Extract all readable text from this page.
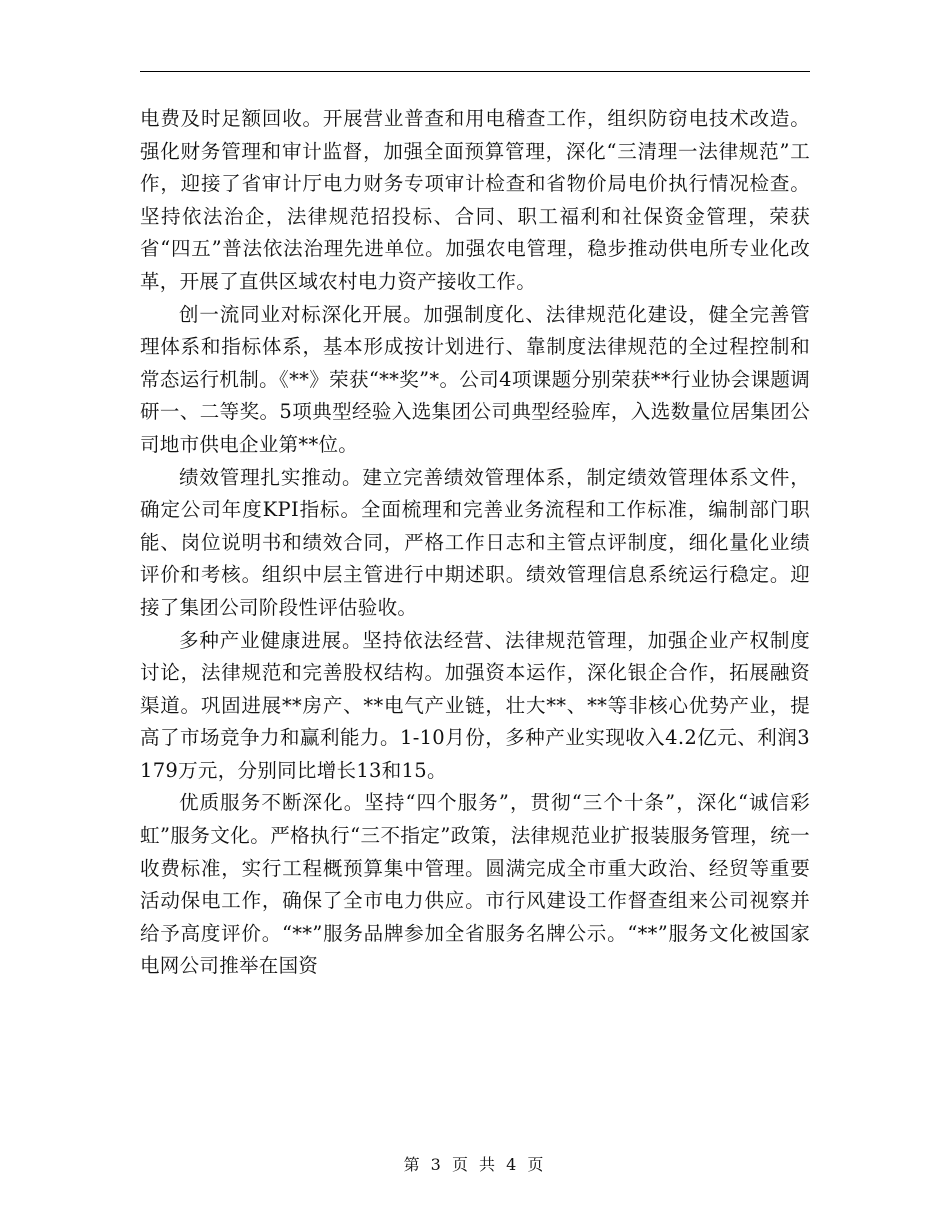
电费及时足额回收。开展营业普查和用电稽查工作，组织防窃电技术改造。强化财务管理和审计监督，加强全面预算管理，深化“三清理一法律规范”工作，迎接了省审计厅电力财务专项审计检查和省物价局电价执行情况检查。坚持依法治企，法律规范招投标、合同、职工福利和社保资金管理，荣获省“四五”普法依法治理先进单位。加强农电管理，稳步推动供电所专业化改革，开展了直供区域农村电力资产接收工作。

创一流同业对标深化开展。加强制度化、法律规范化建设，健全完善管理体系和指标体系，基本形成按计划进行、靠制度法律规范的全过程控制和常态运行机制。《**》荣获“**奖”*。公司4项课题分别荣获**行业协会课题调研一、二等奖。5项典型经验入选集团公司典型经验库，入选数量位居集团公司地市供电企业第**位。

绩效管理扎实推动。建立完善绩效管理体系，制定绩效管理体系文件，确定公司年度KPI指标。全面梳理和完善业务流程和工作标准，编制部门职能、岗位说明书和绩效合同，严格工作日志和主管点评制度，细化量化业绩评价和考核。组织中层主管进行中期述职。绩效管理信息系统运行稳定。迎接了集团公司阶段性评估验收。

多种产业健康进展。坚持依法经营、法律规范管理，加强企业产权制度讨论，法律规范和完善股权结构。加强资本运作，深化银企合作，拓展融资渠道。巩固进展**房产、**电气产业链，壮大**、**等非核心优势产业，提高了市场竞争力和赢利能力。1-10月份，多种产业实现收入4.2亿元、利润3179万元，分别同比增长13和15。

优质服务不断深化。坚持“四个服务”，贯彻“三个十条”，深化“诚信彩虹”服务文化。严格执行“三不指定”政策，法律规范业扩报装服务管理，统一收费标准，实行工程概预算集中管理。圆满完成全市重大政治、经贸等重要活动保电工作，确保了全市电力供应。市行风建设工作督查组来公司视察并给予高度评价。“**”服务品牌参加全省服务名牌公示。“**”服务文化被国家电网公司推举在国资

第 3 页 共 4 页
